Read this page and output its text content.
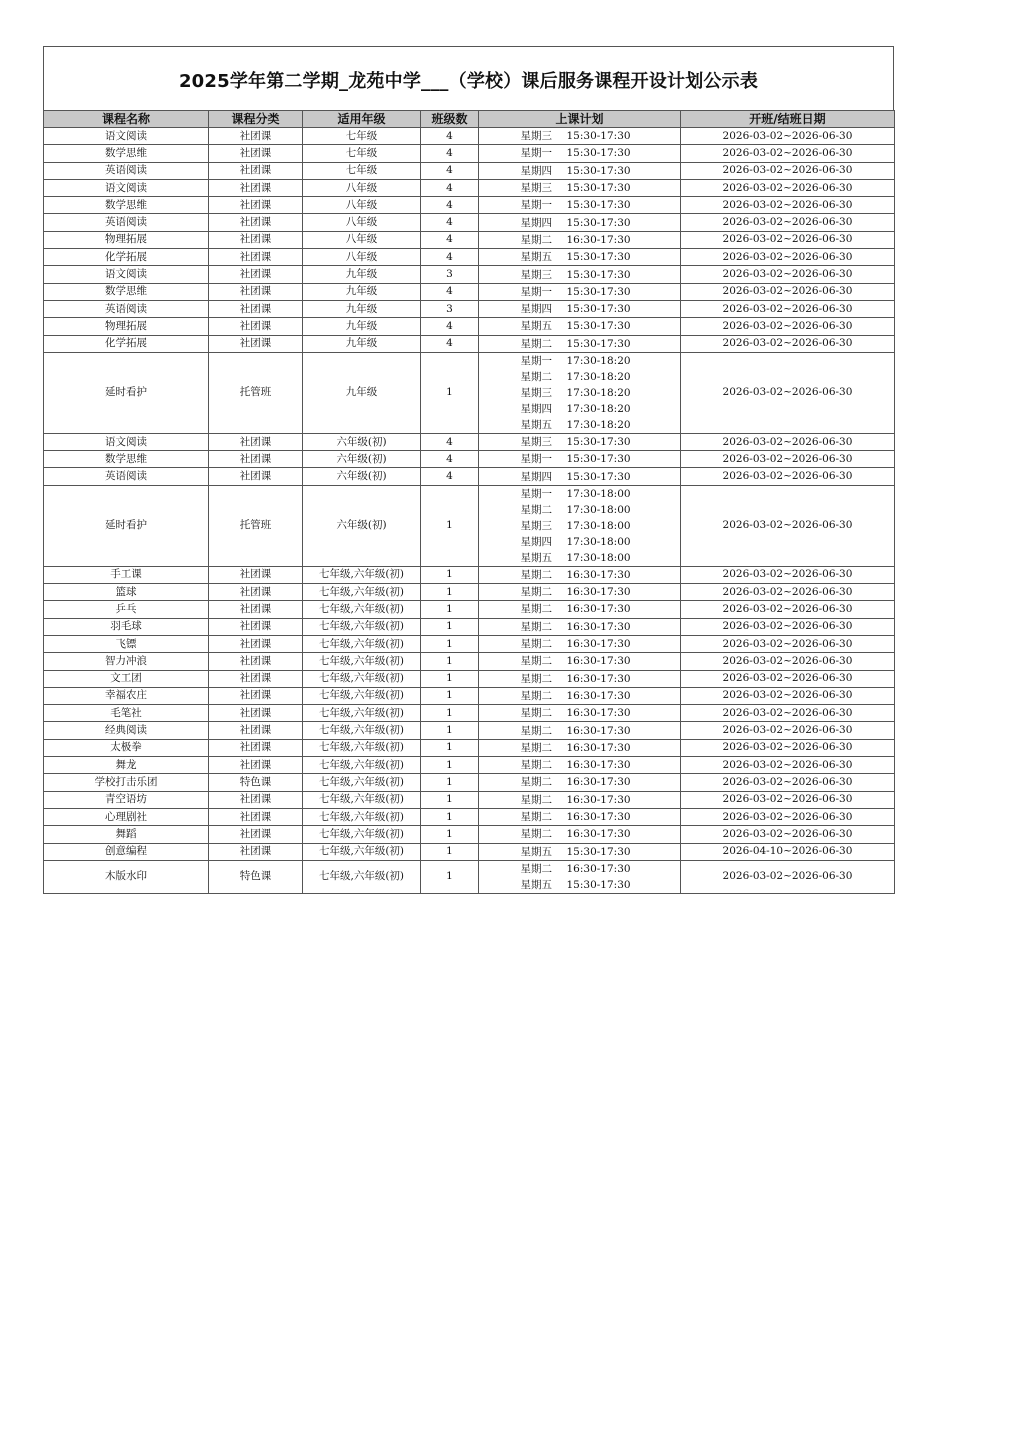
2025学年第二学期_龙苑中学___（学校）课后服务课程开设计划公示表
课程名称	课程分类	适用年级	班级数	上课计划	开班/结班日期
语文阅读	社团课	七年级	4	星期三 15:30-17:30	2026-03-02~2026-06-30
数学思维	社团课	七年级	4	星期一 15:30-17:30	2026-03-02~2026-06-30
英语阅读	社团课	七年级	4	星期四 15:30-17:30	2026-03-02~2026-06-30
语文阅读	社团课	八年级	4	星期三 15:30-17:30	2026-03-02~2026-06-30
数学思维	社团课	八年级	4	星期一 15:30-17:30	2026-03-02~2026-06-30
英语阅读	社团课	八年级	4	星期四 15:30-17:30	2026-03-02~2026-06-30
物理拓展	社团课	八年级	4	星期二 16:30-17:30	2026-03-02~2026-06-30
化学拓展	社团课	八年级	4	星期五 15:30-17:30	2026-03-02~2026-06-30
语文阅读	社团课	九年级	3	星期三 15:30-17:30	2026-03-02~2026-06-30
数学思维	社团课	九年级	4	星期一 15:30-17:30	2026-03-02~2026-06-30
英语阅读	社团课	九年级	3	星期四 15:30-17:30	2026-03-02~2026-06-30
物理拓展	社团课	九年级	4	星期五 15:30-17:30	2026-03-02~2026-06-30
化学拓展	社团课	九年级	4	星期二 15:30-17:30	2026-03-02~2026-06-30
延时看护	托管班	九年级	1	星期一 17:30-18:20
星期二 17:30-18:20
星期三 17:30-18:20
星期四 17:30-18:20
星期五 17:30-18:20	2026-03-02~2026-06-30
语文阅读	社团课	六年级(初)	4	星期三 15:30-17:30	2026-03-02~2026-06-30
数学思维	社团课	六年级(初)	4	星期一 15:30-17:30	2026-03-02~2026-06-30
英语阅读	社团课	六年级(初)	4	星期四 15:30-17:30	2026-03-02~2026-06-30
延时看护	托管班	六年级(初)	1	星期一 17:30-18:00
星期二 17:30-18:00
星期三 17:30-18:00
星期四 17:30-18:00
星期五 17:30-18:00	2026-03-02~2026-06-30
手工课	社团课	七年级,六年级(初)	1	星期二 16:30-17:30	2026-03-02~2026-06-30
篮球	社团课	七年级,六年级(初)	1	星期二 16:30-17:30	2026-03-02~2026-06-30
乒乓	社团课	七年级,六年级(初)	1	星期二 16:30-17:30	2026-03-02~2026-06-30
羽毛球	社团课	七年级,六年级(初)	1	星期二 16:30-17:30	2026-03-02~2026-06-30
飞镖	社团课	七年级,六年级(初)	1	星期二 16:30-17:30	2026-03-02~2026-06-30
智力冲浪	社团课	七年级,六年级(初)	1	星期二 16:30-17:30	2026-03-02~2026-06-30
文工团	社团课	七年级,六年级(初)	1	星期二 16:30-17:30	2026-03-02~2026-06-30
幸福农庄	社团课	七年级,六年级(初)	1	星期二 16:30-17:30	2026-03-02~2026-06-30
毛笔社	社团课	七年级,六年级(初)	1	星期二 16:30-17:30	2026-03-02~2026-06-30
经典阅读	社团课	七年级,六年级(初)	1	星期二 16:30-17:30	2026-03-02~2026-06-30
太极拳	社团课	七年级,六年级(初)	1	星期二 16:30-17:30	2026-03-02~2026-06-30
舞龙	社团课	七年级,六年级(初)	1	星期二 16:30-17:30	2026-03-02~2026-06-30
学校打击乐团	特色课	七年级,六年级(初)	1	星期二 16:30-17:30	2026-03-02~2026-06-30
青空语坊	社团课	七年级,六年级(初)	1	星期二 16:30-17:30	2026-03-02~2026-06-30
心理剧社	社团课	七年级,六年级(初)	1	星期二 16:30-17:30	2026-03-02~2026-06-30
舞蹈	社团课	七年级,六年级(初)	1	星期二 16:30-17:30	2026-03-02~2026-06-30
创意编程	社团课	七年级,六年级(初)	1	星期五 15:30-17:30	2026-04-10~2026-06-30
木版水印	特色课	七年级,六年级(初)	1	星期二 16:30-17:30
星期五 15:30-17:30	2026-03-02~2026-06-30
